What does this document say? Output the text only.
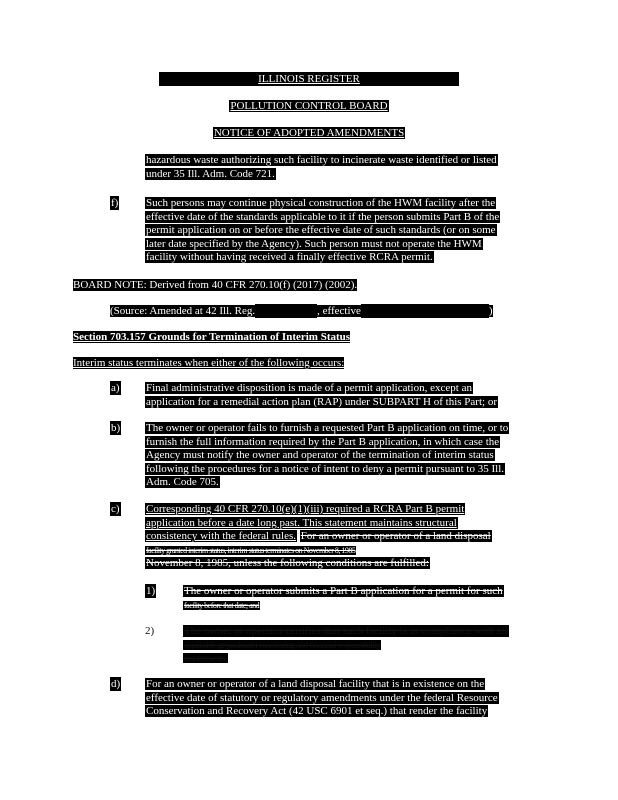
ILLINOIS REGISTER
POLLUTION CONTROL BOARD
NOTICE OF ADOPTED AMENDMENTS
hazardous waste authorizing such facility to incinerate waste identified or listed
under 35 Ill. Adm. Code 721.
f)	Such persons may continue physical construction of the HWM facility after the
effective date of the standards applicable to it if the person submits Part B of the
permit application on or before the effective date of such standards (or on some
later date specified by the Agency). Such person must not operate the HWM
facility without having received a finally effective RCRA permit.
BOARD NOTE: Derived from 40 CFR 270.10(f) (2017) (2002).
(Source: Amended at 42 Ill. Reg.	, effective	)
Section 703.157 Grounds for Termination of Interim Status
Interim status terminates when either of the following occurs:
a) Final administrative disposition is made of a permit application, except an
application for a remedial action plan (RAP) under SUBPART H of this Part; or
b) The owner or operator fails to furnish a requested Part B application on time, or to
furnish the full information required by the Part B application, in which case the
Agency must notify the owner and operator of the termination of interim status
following the procedures for a notice of intent to deny a permit pursuant to 35 Ill.
Adm. Code 705.
c) Corresponding 40 CFR 270.10(e)(1)(iii) required a RCRA Part B permit
application before a date long past. This statement maintains structural
consistency with the federal rules. For an owner or operator of a land disposal
facility granted interim status, interim status terminates on November 8, 1985
November 8, 1985, unless the following conditions are fulfilled:
1)	The owner or operator submits a Part B application for a permit for such
facility before that date; and
2)	The owner or operator certifies that such facility is in compliance with all
applicable groundwater monitoring and financial responsibility
requirements.
d) For an owner or operator of a land disposal facility that is in existence on the
effective date of statutory or regulatory amendments under the federal Resource
Conservation and Recovery Act (42 USC 6901 et seq.) that render the facility
